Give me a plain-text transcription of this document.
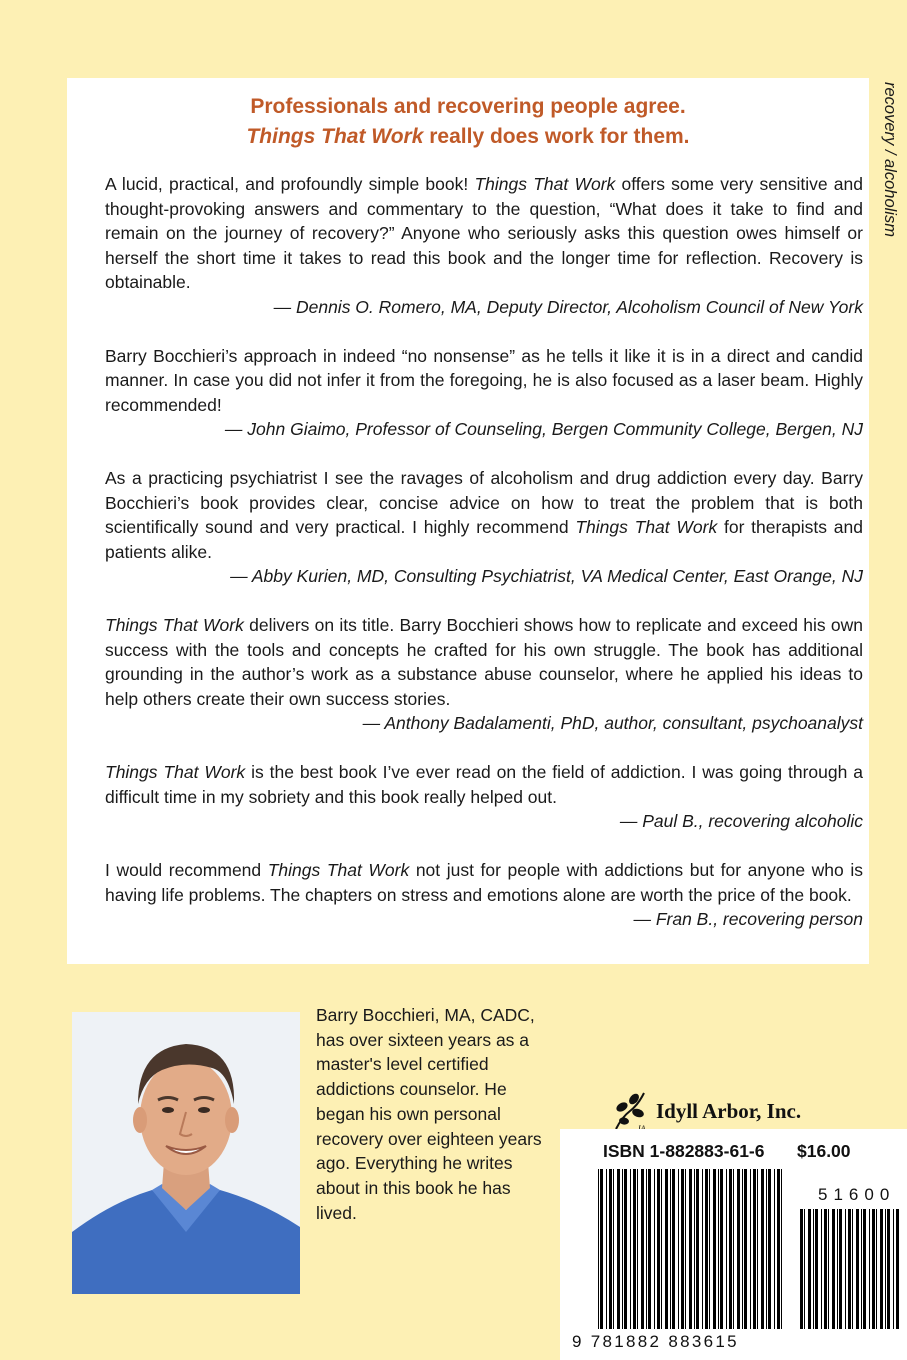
Professionals and recovering people agree.
Things That Work really does work for them.
A lucid, practical, and profoundly simple book! Things That Work offers some very sensitive and thought-provoking answers and commentary to the question, “What does it take to find and remain on the journey of recovery?” Anyone who seriously asks this question owes himself or herself the short time it takes to read this book and the longer time for reflection. Recovery is obtainable.
— Dennis O. Romero, MA, Deputy Director, Alcoholism Council of New York
Barry Bocchieri’s approach in indeed “no nonsense” as he tells it like it is in a direct and candid manner. In case you did not infer it from the foregoing, he is also focused as a laser beam. Highly recommended!
— John Giaimo, Professor of Counseling, Bergen Community College, Bergen, NJ
As a practicing psychiatrist I see the ravages of alcoholism and drug addiction every day. Barry Bocchieri’s book provides clear, concise advice on how to treat the problem that is both scientifically sound and very practical. I highly recommend Things That Work for therapists and patients alike.
— Abby Kurien, MD, Consulting Psychiatrist, VA Medical Center, East Orange, NJ
Things That Work delivers on its title. Barry Bocchieri shows how to replicate and exceed his own success with the tools and concepts he crafted for his own struggle. The book has additional grounding in the author’s work as a substance abuse counselor, where he applied his ideas to help others create their own success stories.
— Anthony Badalamenti, PhD, author, consultant, psychoanalyst
Things That Work is the best book I’ve ever read on the field of addiction. I was going through a difficult time in my sobriety and this book really helped out.
— Paul B., recovering alcoholic
I would recommend Things That Work not just for people with addictions but for anyone who is having life problems. The chapters on stress and emotions alone are worth the price of the book.
— Fran B., recovering person
recovery / alcoholism
Barry Bocchieri, MA, CADC, has over sixteen years as a master's level certified addictions counselor. He began his own personal recovery over eighteen years ago. Everything he writes about in this book he has lived.
Idyll Arbor, Inc.
ISBN 1-882883-61-6 $16.00
51600
9 781882 883615
